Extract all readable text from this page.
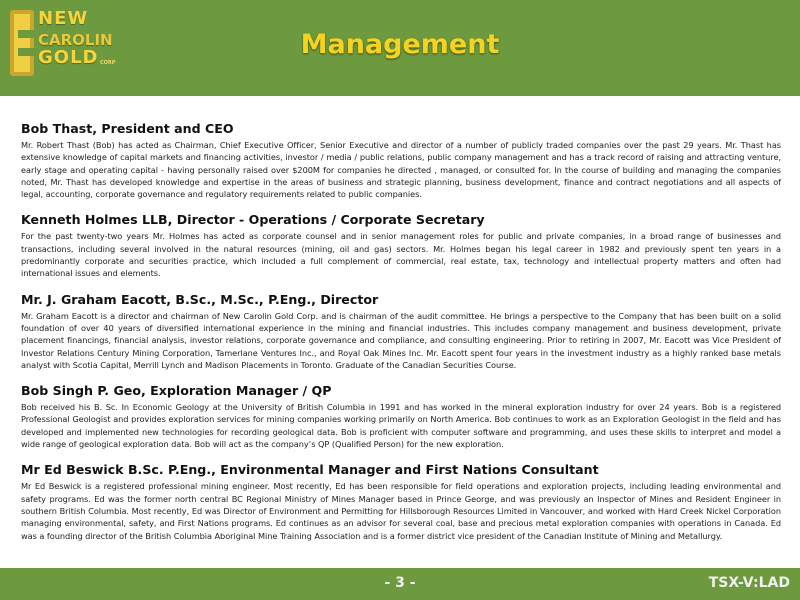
NEW
CAROLIN
GOLD CORP
Management
Bob Thast, President and CEO

Mr. Robert Thast (Bob) has acted as Chairman, Chief Executive Officer, Senior Executive and director of a number of publicly traded companies over the past 29 years. Mr. Thast has extensive knowledge of capital markets and financing activities, investor / media / public relations, public company management and has a track record of raising and attracting venture, early stage and operating capital - having personally raised over $200M for companies he directed , managed, or consulted for. In the course of building and managing the companies noted, Mr. Thast has developed knowledge and expertise in the areas of business and strategic planning, business development, finance and contract negotiations and all aspects of legal, accounting, corporate governance and regulatory requirements related to public companies.

Kenneth Holmes LLB, Director - Operations / Corporate Secretary

For the past twenty-two years Mr. Holmes has acted as corporate counsel and in senior management roles for public and private companies, in a broad range of businesses and transactions, including several involved in the natural resources (mining, oil and gas) sectors. Mr. Holmes began his legal career in 1982 and previously spent ten years in a predominantly corporate and securities practice, which included a full complement of commercial, real estate, tax, technology and intellectual property matters and often had international issues and elements.

Mr. J. Graham Eacott, B.Sc., M.Sc., P.Eng., Director

Mr. Graham Eacott is a director and chairman of New Carolin Gold Corp. and is chairman of the audit committee. He brings a perspective to the Company that has been built on a solid foundation of over 40 years of diversified international experience in the mining and financial industries. This includes company management and business development, private placement financings, financial analysis, investor relations, corporate governance and compliance, and consulting engineering. Prior to retiring in 2007, Mr. Eacott was Vice President of Investor Relations Century Mining Corporation, Tamerlane Ventures Inc., and Royal Oak Mines Inc. Mr. Eacott spent four years in the investment industry as a highly ranked base metals analyst with Scotia Capital, Merrill Lynch and Madison Placements in Toronto. Graduate of the Canadian Securities Course.

Bob Singh P. Geo, Exploration Manager / QP

Bob received his B. Sc. In Economic Geology at the University of British Columbia in 1991 and has worked in the mineral exploration industry for over 24 years. Bob is a registered Professional Geologist and provides exploration services for mining companies working primarily on North America. Bob continues to work as an Exploration Geologist in the field and has developed and implemented new technologies for recording geological data. Bob is proficient with computer software and programming, and uses these skills to interpret and model a wide range of geological exploration data. Bob will act as the company’s QP (Qualified Person) for the new exploration.

Mr Ed Beswick B.Sc. P.Eng., Environmental Manager and First Nations Consultant

Mr Ed Beswick is a registered professional mining engineer. Most recently, Ed has been responsible for field operations and exploration projects, including leading environmental and safety programs. Ed was the former north central BC Regional Ministry of Mines Manager based in Prince George, and was previously an Inspector of Mines and Resident Engineer in southern British Columbia. Most recently, Ed was Director of Environment and Permitting for Hillsborough Resources Limited in Vancouver, and worked with Hard Creek Nickel Corporation managing environmental, safety, and First Nations programs. Ed continues as an advisor for several coal, base and precious metal exploration companies with operations in Canada. Ed was a founding director of the British Columbia Aboriginal Mine Training Association and is a former district vice president of the Canadian Institute of Mining and Metallurgy.

- 3 -	TSX-V:LAD
